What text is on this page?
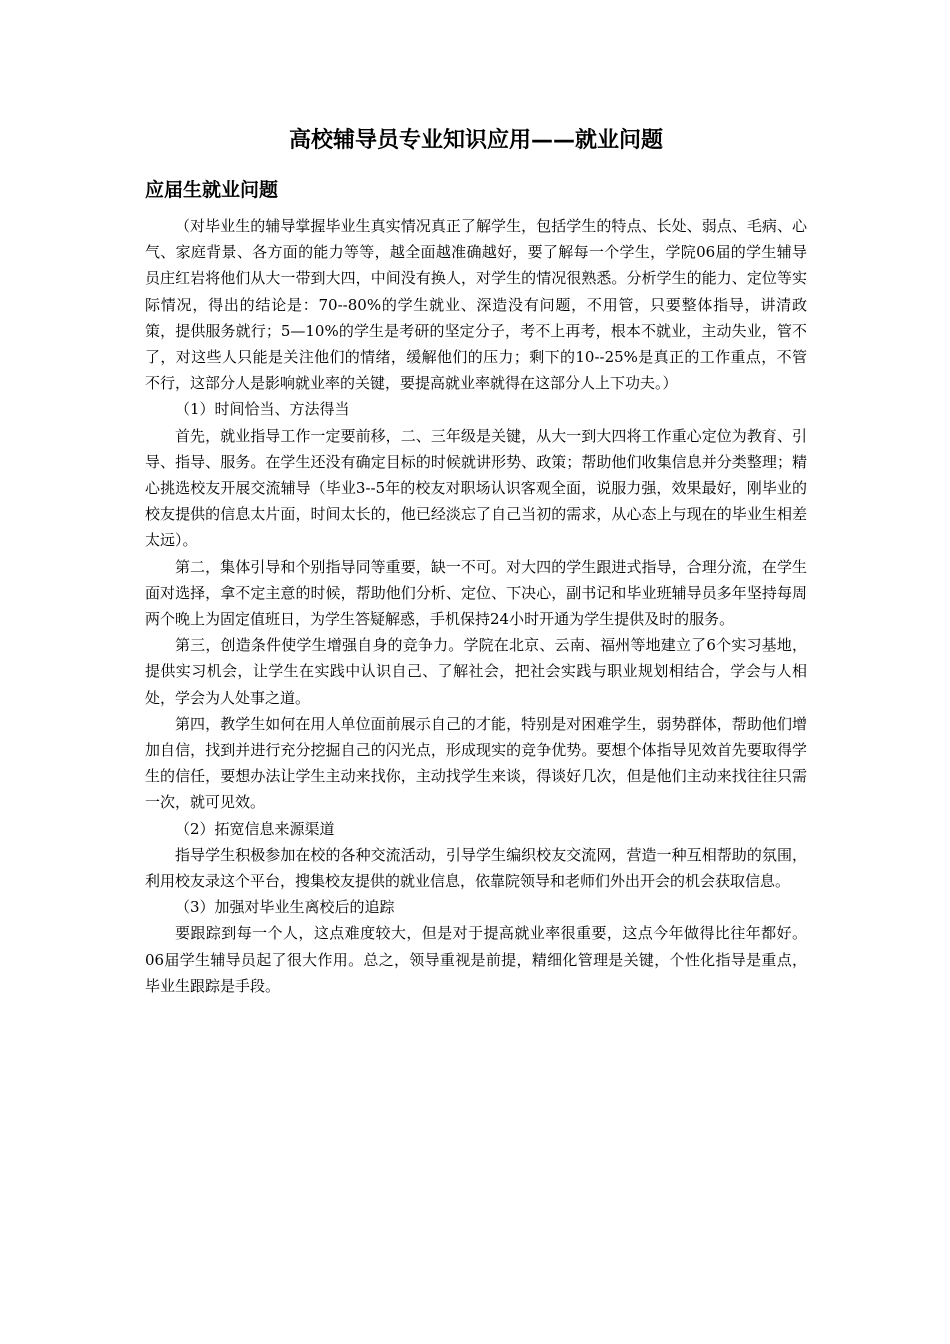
高校辅导员专业知识应用——就业问题
应届生就业问题

（对毕业生的辅导掌握毕业生真实情况真正了解学生，包括学生的特点、长处、弱点、毛病、心气、家庭背景、各方面的能力等等，越全面越准确越好，要了解每一个学生，学院06届的学生辅导员庄红岩将他们从大一带到大四，中间没有换人，对学生的情况很熟悉。分析学生的能力、定位等实际情况，得出的结论是：70--80%的学生就业、深造没有问题，不用管，只要整体指导，讲清政策，提供服务就行；5—10%的学生是考研的坚定分子，考不上再考，根本不就业，主动失业，管不了，对这些人只能是关注他们的情绪，缓解他们的压力；剩下的10--25%是真正的工作重点，不管不行，这部分人是影响就业率的关键，要提高就业率就得在这部分人上下功夫。）

（1）时间恰当、方法得当

首先，就业指导工作一定要前移，二、三年级是关键，从大一到大四将工作重心定位为教育、引导、指导、服务。在学生还没有确定目标的时候就讲形势、政策；帮助他们收集信息并分类整理；精心挑选校友开展交流辅导（毕业3--5年的校友对职场认识客观全面，说服力强，效果最好，刚毕业的校友提供的信息太片面，时间太长的，他已经淡忘了自己当初的需求，从心态上与现在的毕业生相差太远）。

第二，集体引导和个别指导同等重要，缺一不可。对大四的学生跟进式指导，合理分流，在学生面对选择，拿不定主意的时候，帮助他们分析、定位、下决心，副书记和毕业班辅导员多年坚持每周两个晚上为固定值班日，为学生答疑解惑，手机保持24小时开通为学生提供及时的服务。

第三，创造条件使学生增强自身的竞争力。学院在北京、云南、福州等地建立了6个实习基地，提供实习机会，让学生在实践中认识自己、了解社会，把社会实践与职业规划相结合，学会与人相处，学会为人处事之道。

第四，教学生如何在用人单位面前展示自己的才能，特别是对困难学生，弱势群体，帮助他们增加自信，找到并进行充分挖掘自己的闪光点，形成现实的竞争优势。要想个体指导见效首先要取得学生的信任，要想办法让学生主动来找你，主动找学生来谈，得谈好几次，但是他们主动来找往往只需一次，就可见效。

（2）拓宽信息来源渠道

指导学生积极参加在校的各种交流活动，引导学生编织校友交流网，营造一种互相帮助的氛围，利用校友录这个平台，搜集校友提供的就业信息，依靠院领导和老师们外出开会的机会获取信息。

（3）加强对毕业生离校后的追踪

要跟踪到每一个人，这点难度较大，但是对于提高就业率很重要，这点今年做得比往年都好。06届学生辅导员起了很大作用。总之，领导重视是前提，精细化管理是关键，个性化指导是重点，毕业生跟踪是手段。
